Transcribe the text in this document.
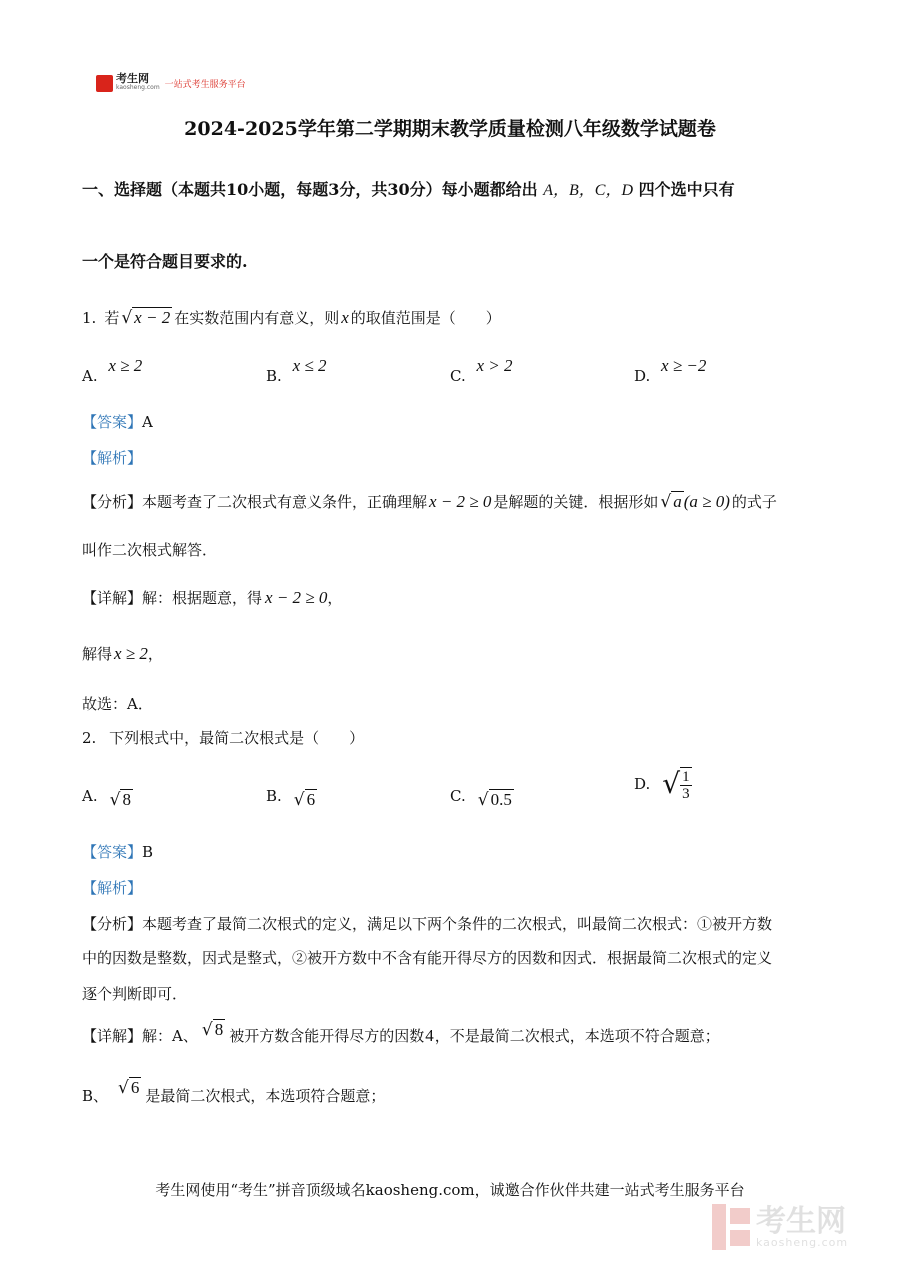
考生网
kaosheng.com 一站式考生服务平台
2024-2025学年第二学期期末教学质量检测八年级数学试题卷
一、选择题（本题共10小题，每题3分，共30分）每小题都给出 A，B，C，D 四个选中只有
一个是符合题目要求的.
1. 若 √ x − 2 在实数范围内有意义，则 x 的取值范围是（　　）
A. x ≥ 2
B. x ≤ 2
C. x > 2
D. x ≥ −2
【答案】A
【解析】
【分析】 本题考查了二次根式有意义条件，正确理解 x − 2 ≥ 0 是解题的关键．根据形如 √ a (a ≥ 0) 的式子
叫作二次根式解答．
【详解】 解：根据题意，得 x − 2 ≥ 0 ，
解得 x ≥ 2 ，
故选：A．
2. 下列根式中，最简二次根式是（　　）
A. √ 8	B. √ 6	C. √ 0.5
D. √ $\frac{1}{3}$
【答案】B
【解析】
【分析】本题考查了最简二次根式的定义，满足以下两个条件的二次根式，叫最简二次根式：①被开方数
中的因数是整数，因式是整式，②被开方数中不含有能开得尽方的因数和因式．根据最简二次根式的定义
逐个判断即可．
【详解】 解：A、 √ 8 被开方数含能开得尽方的因数 4 ，不是最简二次根式，本选项不符合题意；
B、 √ 6 是最简二次根式，本选项符合题意；
考生网使用“考生”拼音顶级域名kaosheng.com，诚邀合作伙伴共建一站式考生服务平台
考生网
kaosheng.com
